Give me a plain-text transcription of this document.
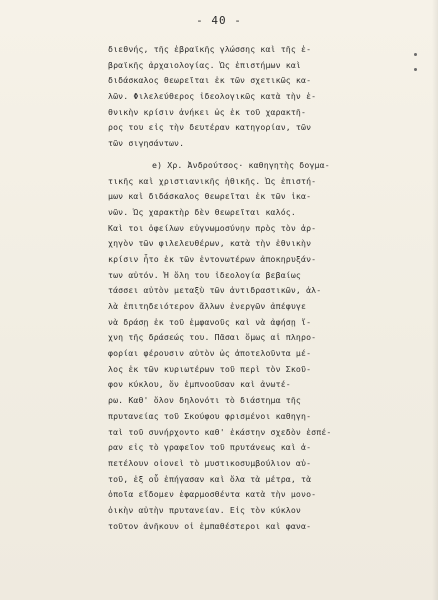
- 40 -
διεθνής, τῆς ἑβραϊκῆς γλώσσης καὶ τῆς ἑ-
βραϊκῆς ἀρχαιολογίας. Ὡς ἐπιστήμων καὶ
διδάσκαλος θεωρεῖται ἐκ τῶν σχετικῶς κα-
λῶν. Φιλελεύθερος ἰδεολογικῶς κατὰ τὴν ἐ-
θνικὴν κρίσιν ἀνήκει ὡς ἐκ τοῦ χαρακτῆ-
ρος του εἰς τὴν δευτέραν κατηγορίαν, τῶν
τῶν σιγησάντων.
e) Χρ. Ἀνδρούτσος· καθηγητὴς δογμα-
τικῆς καὶ χριστιανικῆς ἠθικῆς. Ὡς ἐπιστή-
μων καὶ διδάσκαλος θεωρεῖται ἐκ τῶν ἱκα-
νῶν. Ὡς χαρακτὴρ δὲν θεωρεῖται καλός.
Καὶ τοι ὀφείλων εὐγνωμοσύνην πρὸς τὸν ἀρ-
χηγὸν τῶν φιλελευθέρων, κατὰ τὴν ἐθνικὴν
κρίσιν ἦτο ἐκ τῶν ἐντονωτέρων ἀποκηρυξάν-
των αὐτόν. Ἡ ὅλη του ἰδεολογία βεβαίως
τάσσει αὐτὸν μεταξὺ τῶν ἀντιδραστικῶν, ἀλ-
λὰ ἐπιτηδειότερον ἄλλων ἐνεργῶν ἀπέφυγε
νὰ δράσῃ ἐκ τοῦ ἐμφανοῦς καὶ νὰ ἀφήσῃ ἴ-
χνη τῆς δράσεώς του. Πᾶσαι ὅμως αἱ πληρο-
φορίαι φέρουσιν αὐτὸν ὡς ἀποτελοῦντα μέ-
λος ἐκ τῶν κυριωτέρων τοῦ περὶ τὸν Σκοῦ-
φον κύκλου, ὅν ἐμπνοοῦσαν καὶ ἀνωτέ-
ρω. Καθ' ὅλον δηλονότι τὸ διάστημα τῆς
πρυτανείας τοῦ Σκούφου φρισμένοι καθηγη-
ταὶ τοῦ συνήρχοντο καθ' ἑκάστην σχεδὸν ἑσπέ-
ραν εἰς τὸ γραφεῖον τοῦ πρυτάνεως καὶ ἀ-
πετέλουν οἱονεὶ τὸ μυστικοσυμβούλιον αὐ-
τοῦ, ἐξ οὗ ἐπήγασαν καὶ ὅλα τὰ μέτρα, τὰ
ὁποῖα εἴδομεν ἐφαρμοσθέντα κατὰ τὴν μονο-
ὀικὴν αὐτὴν πρυτανείαν. Εἰς τὸν κύκλον
τοῦτον ἀνῆκουν οἱ ἐμπαθέστεροι καὶ φανα-
